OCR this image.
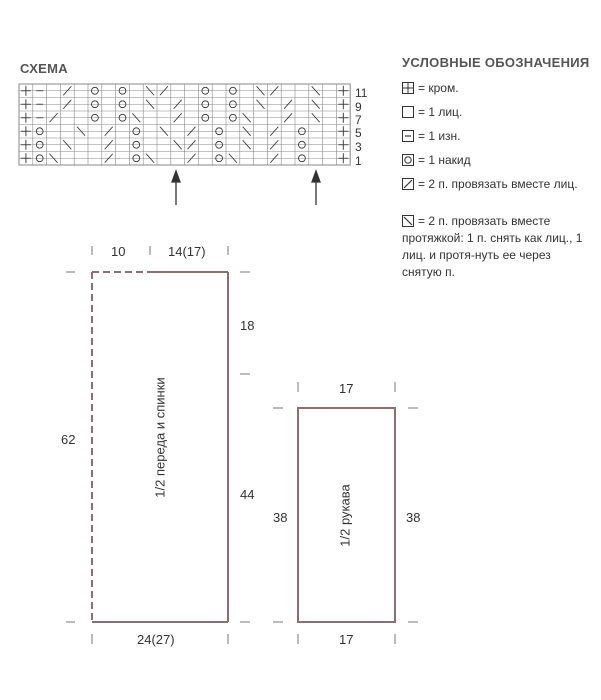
СХЕМА	УСЛОВНЫЕ ОБОЗНАЧЕНИЯ
11
9
7
5
3
1
= кром.
= 1 лиц.
= 1 изн.
= 1 накид
= 2 п. провязать вместе лиц.
= 2 п. провязать вместе протяжкой: 1 п. снять как лиц., 1 лиц. и протя-нуть ее через снятую п.
10	14(17)
18
44
62
24(27)
1/2 переда и спинки	17
38	38
17
1/2 рукава
